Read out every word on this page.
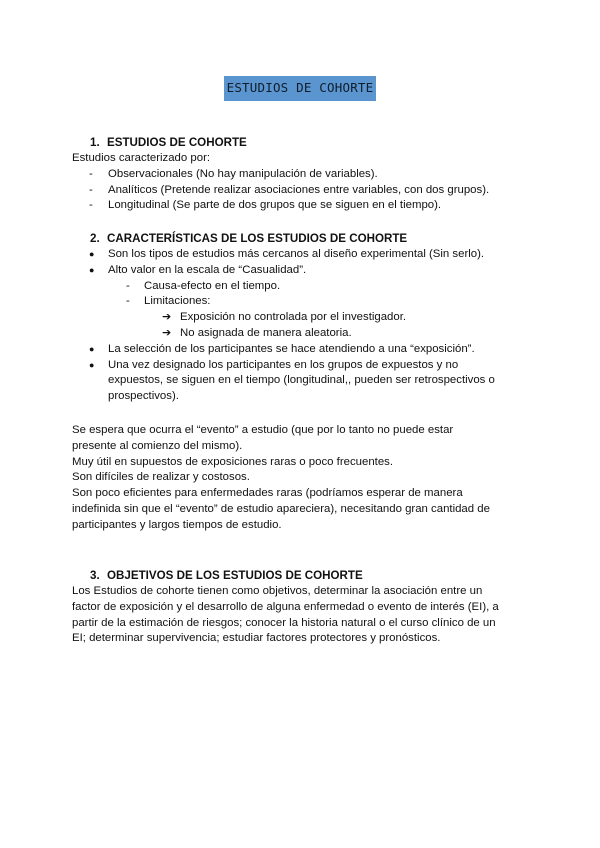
ESTUDIOS DE COHORTE

1. ESTUDIOS DE COHORTE

Estudios caracterizado por:

- Observacionales (No hay manipulación de variables).
- Analíticos (Pretende realizar asociaciones entre variables, con dos grupos).
- Longitudinal (Se parte de dos grupos que se siguen en el tiempo).

2. CARACTERÍSTICAS DE LOS ESTUDIOS DE COHORTE

● Son los tipos de estudios más cercanos al diseño experimental (Sin serlo).
● Alto valor en la escala de “Casualidad”.
- Causa-efecto en el tiempo.
- Limitaciones:
➔ Exposición no controlada por el investigador.
➔ No asignada de manera aleatoria.
● La selección de los participantes se hace atendiendo a una “exposición”.
● Una vez designado los participantes en los grupos de expuestos y no
expuestos, se siguen en el tiempo (longitudinal,, pueden ser retrospectivos o
prospectivos).

Se espera que ocurra el “evento” a estudio (que por lo tanto no puede estar

presente al comienzo del mismo).

Muy útil en supuestos de exposiciones raras o poco frecuentes.

Son difíciles de realizar y costosos.

Son poco eficientes para enfermedades raras (podríamos esperar de manera

indefinida sin que el “evento” de estudio apareciera), necesitando gran cantidad de

participantes y largos tiempos de estudio.

3. OBJETIVOS DE LOS ESTUDIOS DE COHORTE

Los Estudios de cohorte tienen como objetivos, determinar la asociación entre un

factor de exposición y el desarrollo de alguna enfermedad o evento de interés (EI), a

partir de la estimación de riesgos; conocer la historia natural o el curso clínico de un

EI; determinar supervivencia; estudiar factores protectores y pronósticos.
